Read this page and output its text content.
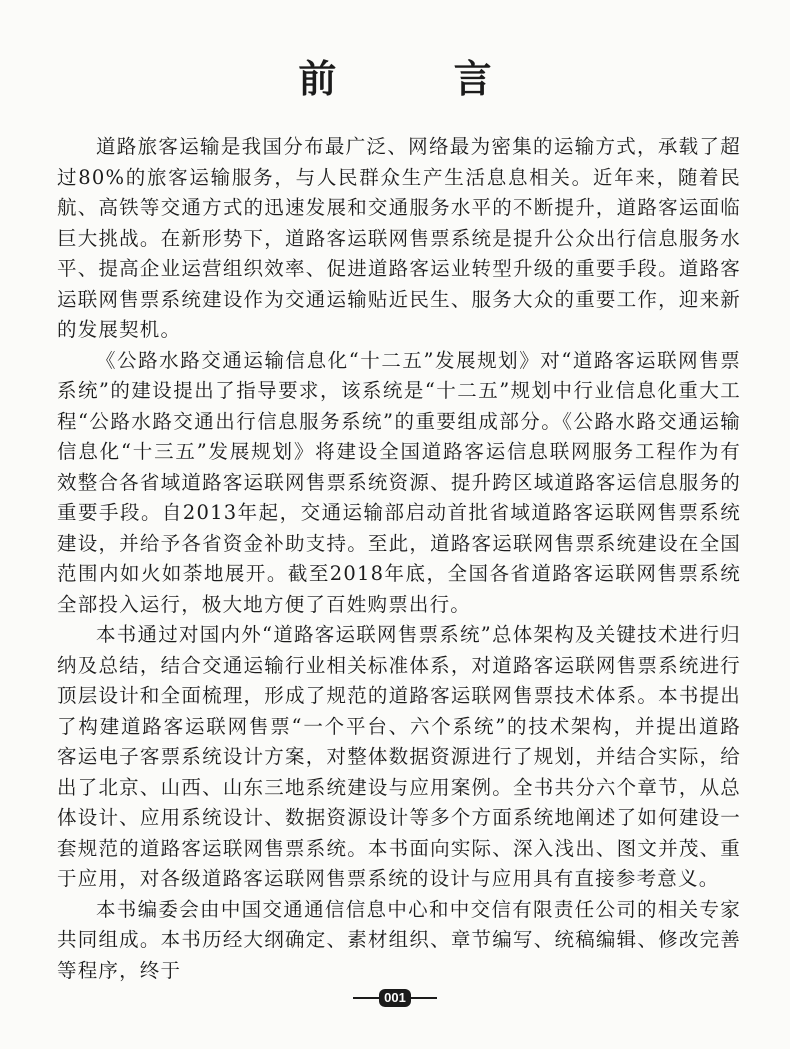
前 言

道路旅客运输是我国分布最广泛、网络最为密集的运输方式，承载了超过80%的旅客运输服务，与人民群众生产生活息息相关。近年来，随着民航、高铁等交通方式的迅速发展和交通服务水平的不断提升，道路客运面临巨大挑战。在新形势下，道路客运联网售票系统是提升公众出行信息服务水平、提高企业运营组织效率、促进道路客运业转型升级的重要手段。道路客运联网售票系统建设作为交通运输贴近民生、服务大众的重要工作，迎来新的发展契机。

《公路水路交通运输信息化“十二五”发展规划》对“道路客运联网售票系统”的建设提出了指导要求，该系统是“十二五”规划中行业信息化重大工程“公路水路交通出行信息服务系统”的重要组成部分。《公路水路交通运输信息化“十三五”发展规划》将建设全国道路客运信息联网服务工程作为有效整合各省域道路客运联网售票系统资源、提升跨区域道路客运信息服务的重要手段。自2013年起，交通运输部启动首批省域道路客运联网售票系统建设，并给予各省资金补助支持。至此，道路客运联网售票系统建设在全国范围内如火如荼地展开。截至2018年底，全国各省道路客运联网售票系统全部投入运行，极大地方便了百姓购票出行。

本书通过对国内外“道路客运联网售票系统”总体架构及关键技术进行归纳及总结，结合交通运输行业相关标准体系，对道路客运联网售票系统进行顶层设计和全面梳理，形成了规范的道路客运联网售票技术体系。本书提出了构建道路客运联网售票“一个平台、六个系统”的技术架构，并提出道路客运电子客票系统设计方案，对整体数据资源进行了规划，并结合实际，给出了北京、山西、山东三地系统建设与应用案例。全书共分六个章节，从总体设计、应用系统设计、数据资源设计等多个方面系统地阐述了如何建设一套规范的道路客运联网售票系统。本书面向实际、深入浅出、图文并茂、重于应用，对各级道路客运联网售票系统的设计与应用具有直接参考意义。

本书编委会由中国交通通信信息中心和中交信有限责任公司的相关专家共同组成。本书历经大纲确定、素材组织、章节编写、统稿编辑、修改完善等程序，终于

001
